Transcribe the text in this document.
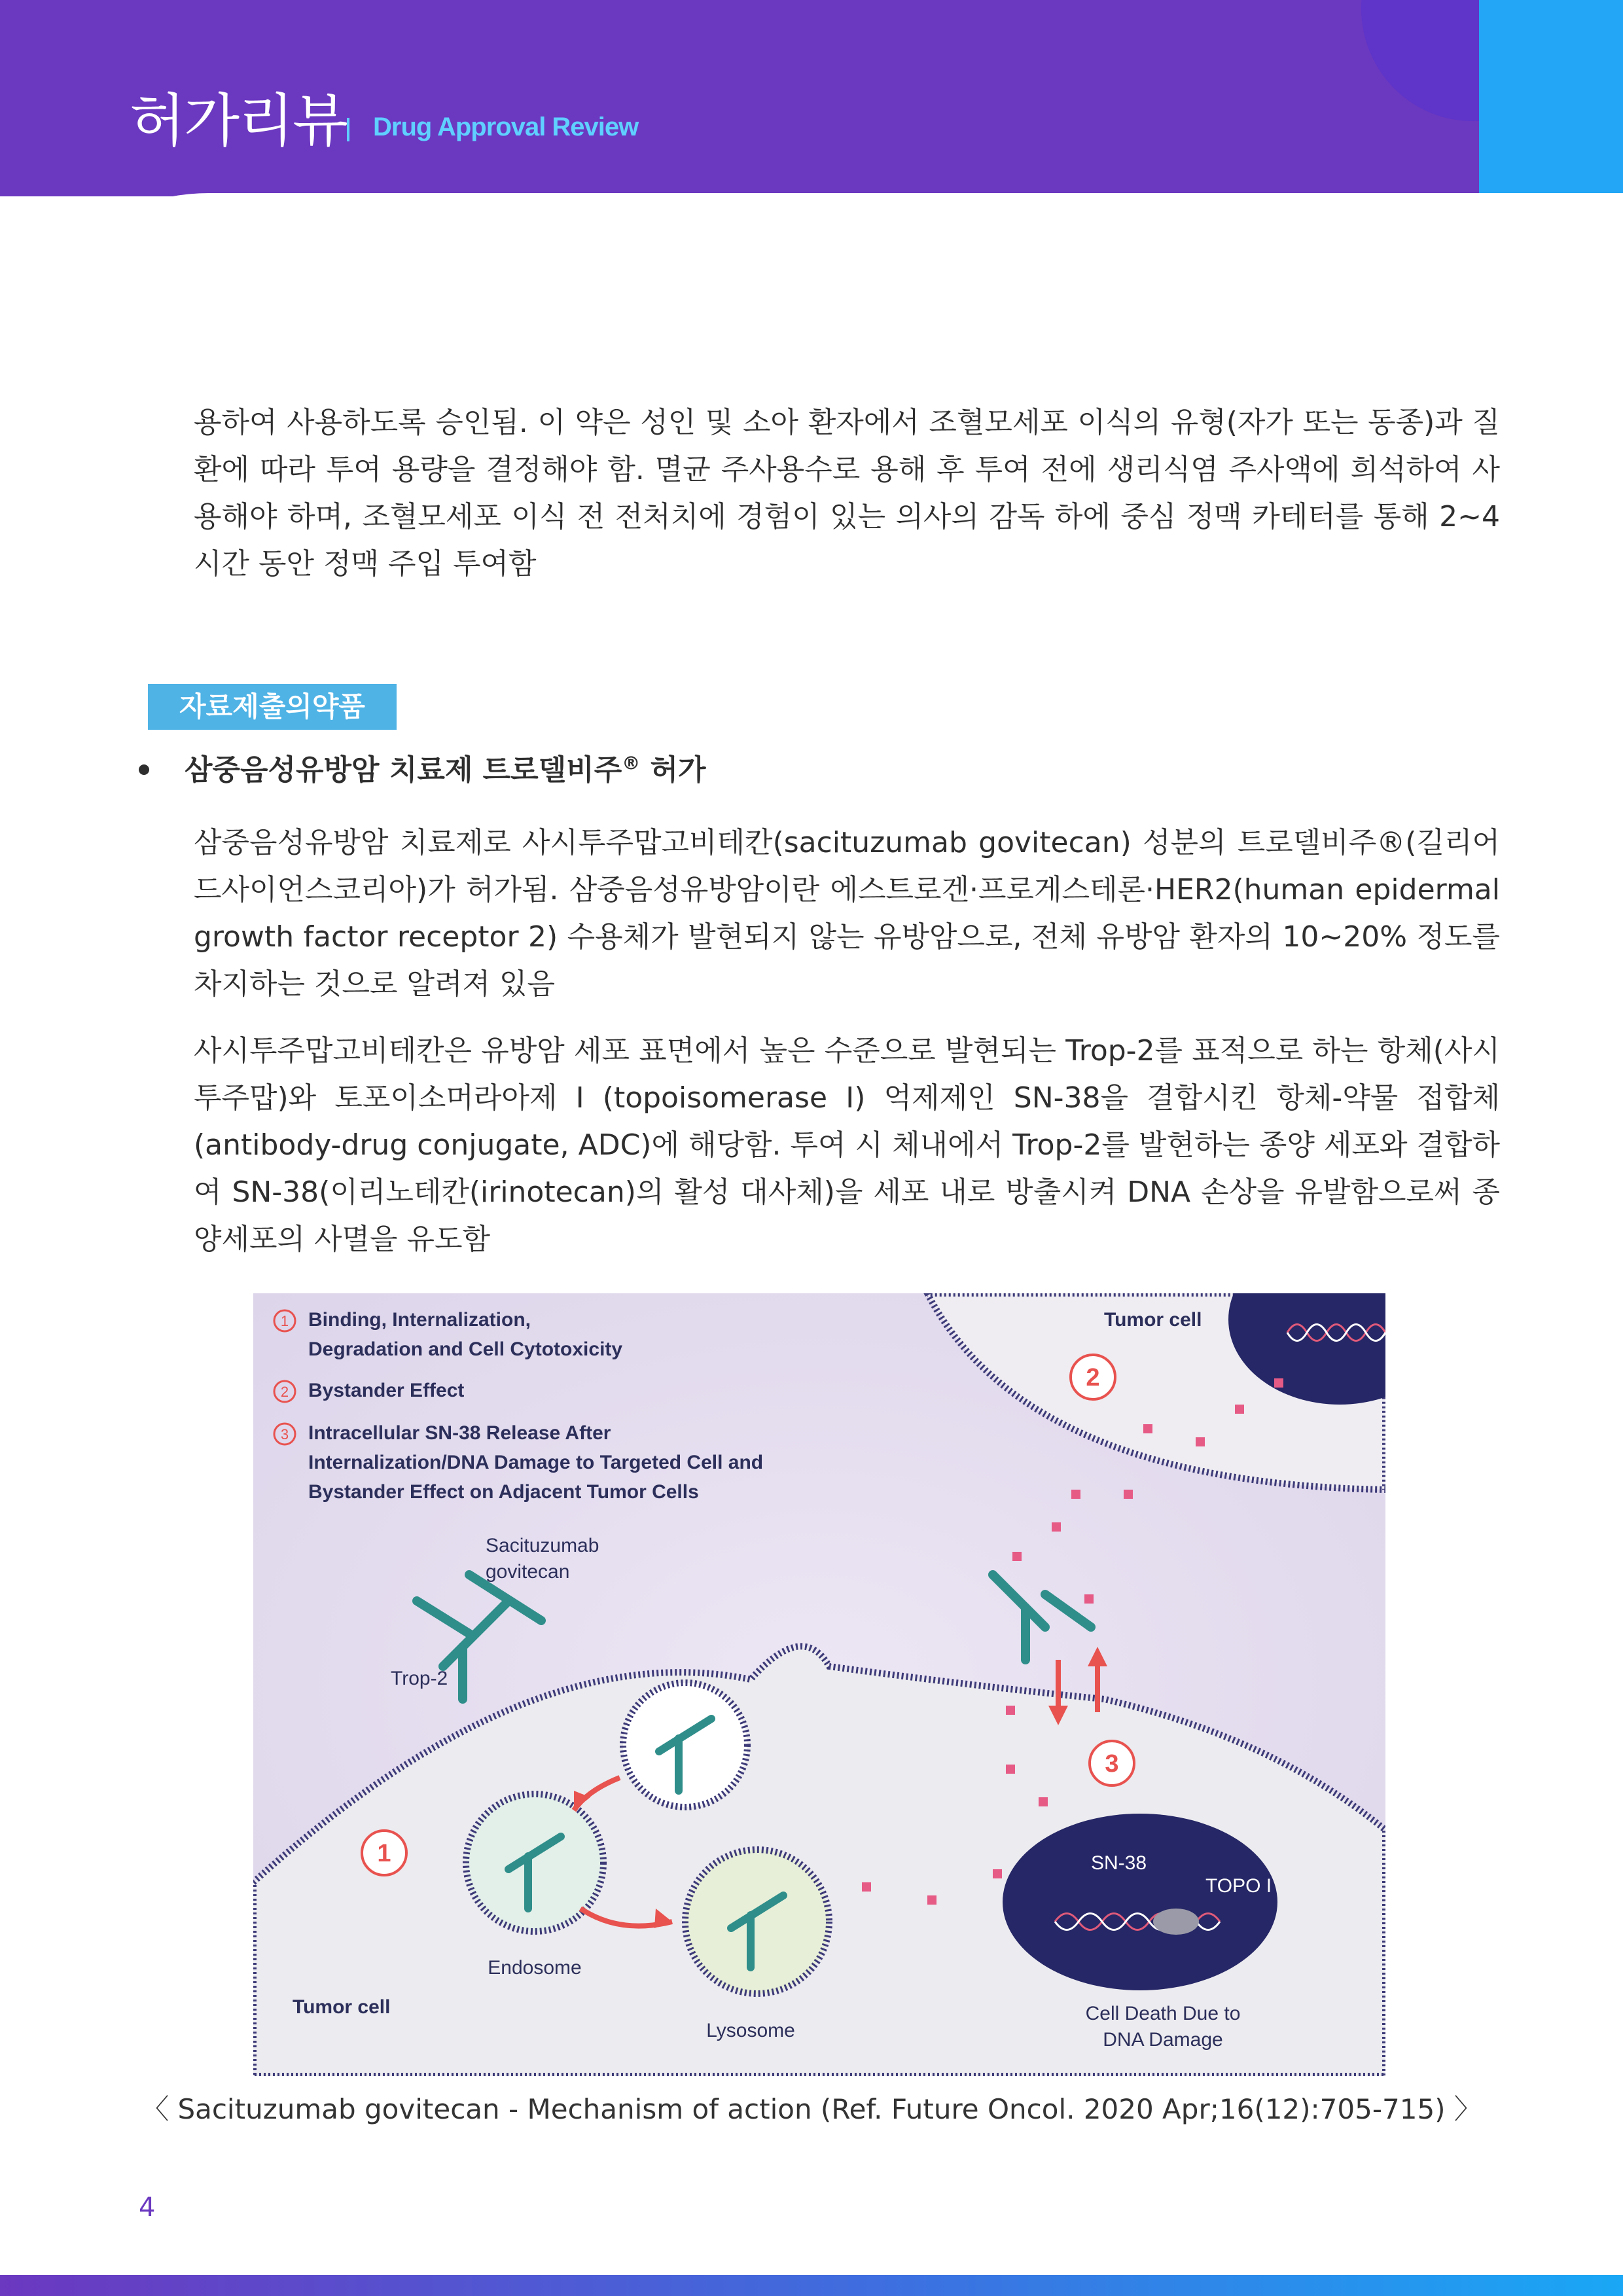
허가리뷰 Drug Approval Review
용하여 사용하도록 승인됨. 이 약은 성인 및 소아 환자에서 조혈모세포 이식의 유형(자가 또는 동종)과 질환에 따라 투여 용량을 결정해야 함. 멸균 주사용수로 용해 후 투여 전에 생리식염 주사액에 희석하여 사용해야 하며, 조혈모세포 이식 전 전처치에 경험이 있는 의사의 감독 하에 중심 정맥 카테터를 통해 2~4시간 동안 정맥 주입 투여함
자료제출의약품
삼중음성유방암 치료제 트로델비주® 허가
삼중음성유방암 치료제로 사시투주맙고비테칸(sacituzumab govitecan) 성분의 트로델비주®(길리어드사이언스코리아)가 허가됨. 삼중음성유방암이란 에스트로겐·프로게스테론·HER2(human epidermal growth factor receptor 2) 수용체가 발현되지 않는 유방암으로, 전체 유방암 환자의 10~20% 정도를 차지하는 것으로 알려져 있음
사시투주맙고비테칸은 유방암 세포 표면에서 높은 수준으로 발현되는 Trop-2를 표적으로 하는 항체(사시투주맙)와 토포이소머라아제 I (topoisomerase I) 억제제인 SN-38을 결합시킨 항체-약물 접합체(antibody-drug conjugate, ADC)에 해당함. 투여 시 체내에서 Trop-2를 발현하는 종양 세포와 결합하여 SN-38(이리노테칸(irinotecan)의 활성 대사체)을 세포 내로 방출시켜 DNA 손상을 유발함으로써 종양세포의 사멸을 유도함
1 Binding, Internalization,
Degradation and Cell Cytotoxicity
2 Bystander Effect
3 Intracellular SN-38 Release After
Internalization/DNA Damage to Targeted Cell and
Bystander Effect on Adjacent Tumor Cells
Sacituzumab
govitecan
Trop-2
Endosome
Lysosome
Tumor cell
Tumor cell
1
2
3
SN-38
TOPO I
Cell Death Due to
DNA Damage
〈 Sacituzumab govitecan - Mechanism of action (Ref. Future Oncol. 2020 Apr;16(12):705-715) 〉
4
